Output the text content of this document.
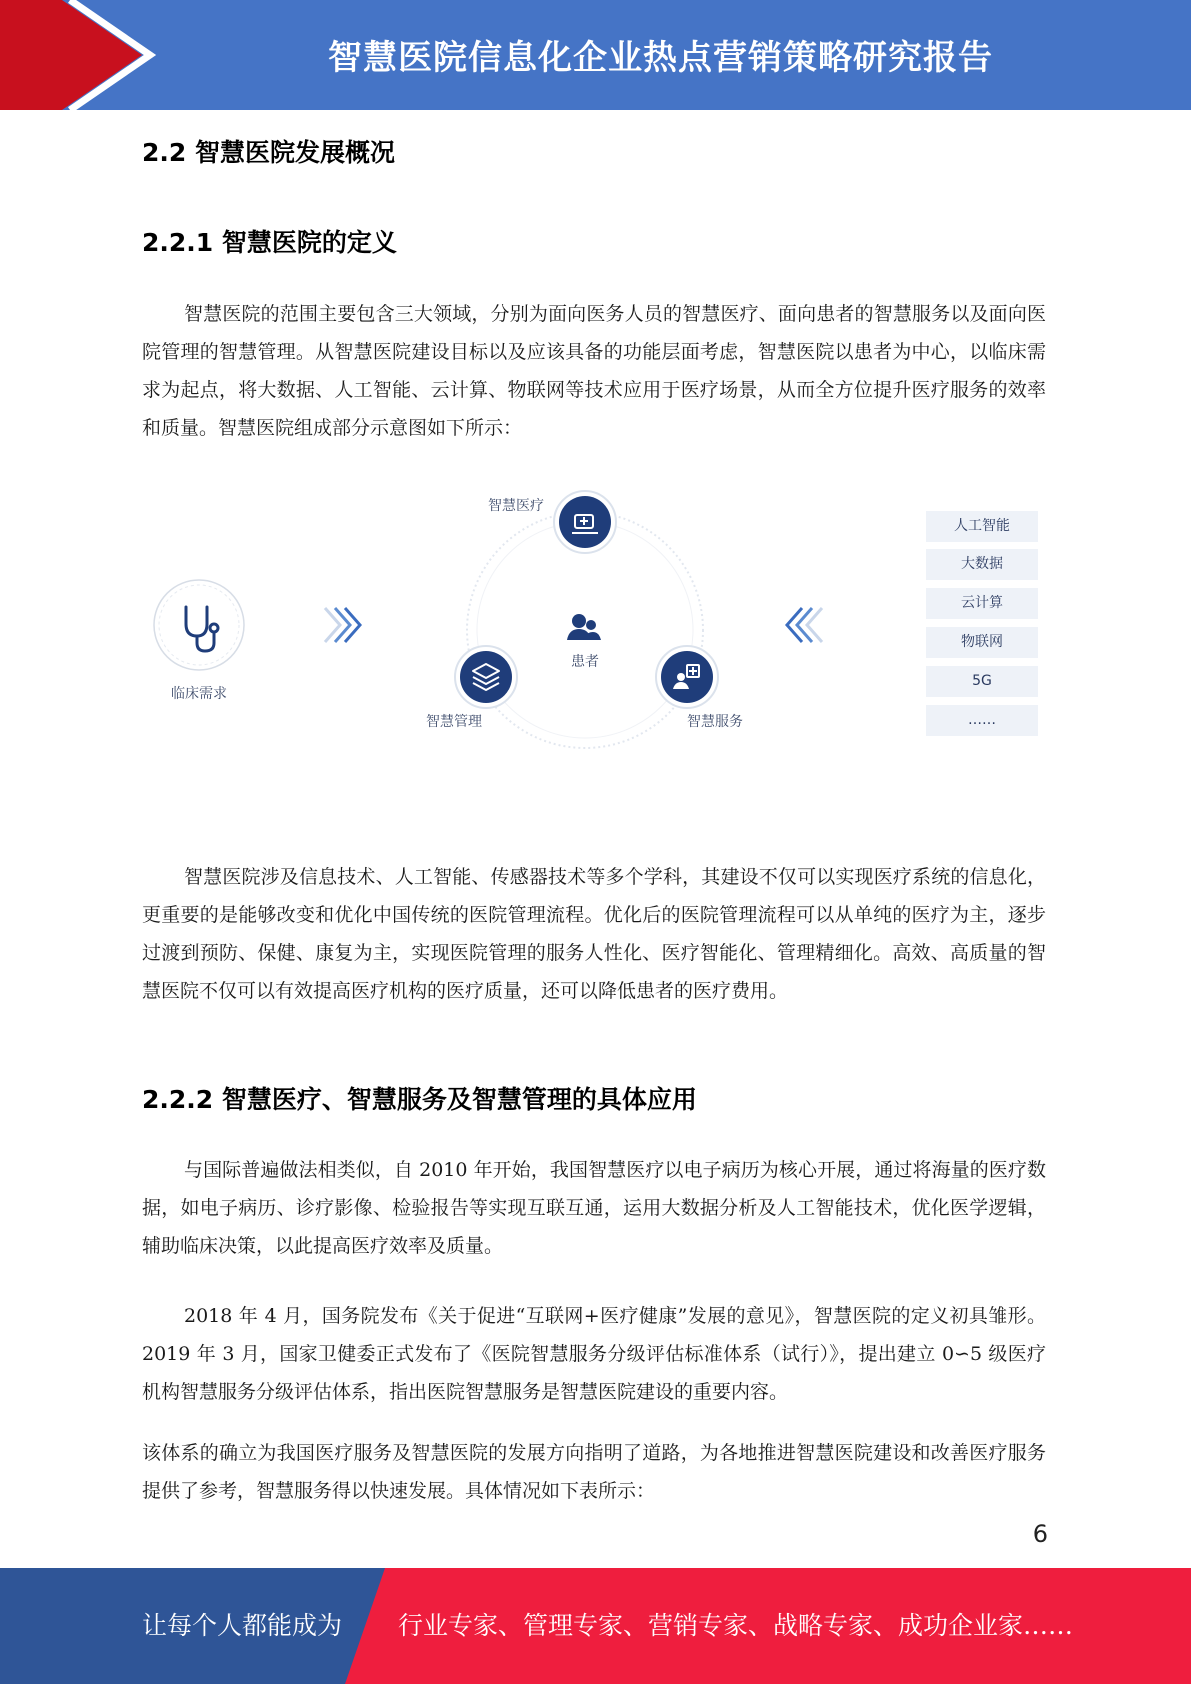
智慧医院信息化企业热点营销策略研究报告
2.2 智慧医院发展概况
2.2.1 智慧医院的定义

智慧医院的范围主要包含三大领域，分别为面向医务人员的智慧医疗、面向患者的智慧服务以及面向医院管理的智慧管理。从智慧医院建设目标以及应该具备的功能层面考虑，智慧医院以患者为中心，以临床需求为起点，将大数据、人工智能、云计算、物联网等技术应用于医疗场景，从而全方位提升医疗服务的效率和质量。智慧医院组成部分示意图如下所示：

临床需求
智慧医疗
患者
智慧管理	智慧服务
人工智能
大数据
云计算
物联网
5G
……

智慧医院涉及信息技术、人工智能、传感器技术等多个学科，其建设不仅可以实现医疗系统的信息化，更重要的是能够改变和优化中国传统的医院管理流程。优化后的医院管理流程可以从单纯的医疗为主，逐步过渡到预防、保健、康复为主，实现医院管理的服务人性化、医疗智能化、管理精细化。高效、高质量的智慧医院不仅可以有效提高医疗机构的医疗质量，还可以降低患者的医疗费用。

2.2.2 智慧医疗、智慧服务及智慧管理的具体应用

与国际普遍做法相类似，自 2010 年开始，我国智慧医疗以电子病历为核心开展，通过将海量的医疗数据，如电子病历、诊疗影像、检验报告等实现互联互通，运用大数据分析及人工智能技术，优化医学逻辑，辅助临床决策，以此提高医疗效率及质量。

2018 年 4 月，国务院发布《关于促进“互联网+医疗健康”发展的意见》，智慧医院的定义初具雏形。2019 年 3 月，国家卫健委正式发布了《医院智慧服务分级评估标准体系（试行）》，提出建立 0∽5 级医疗机构智慧服务分级评估体系，指出医院智慧服务是智慧医院建设的重要内容。

该体系的确立为我国医疗服务及智慧医院的发展方向指明了道路，为各地推进智慧医院建设和改善医疗服务提供了参考，智慧服务得以快速发展。具体情况如下表所示：

6
让每个人都能成为 行业专家、管理专家、营销专家、战略专家、成功企业家……
